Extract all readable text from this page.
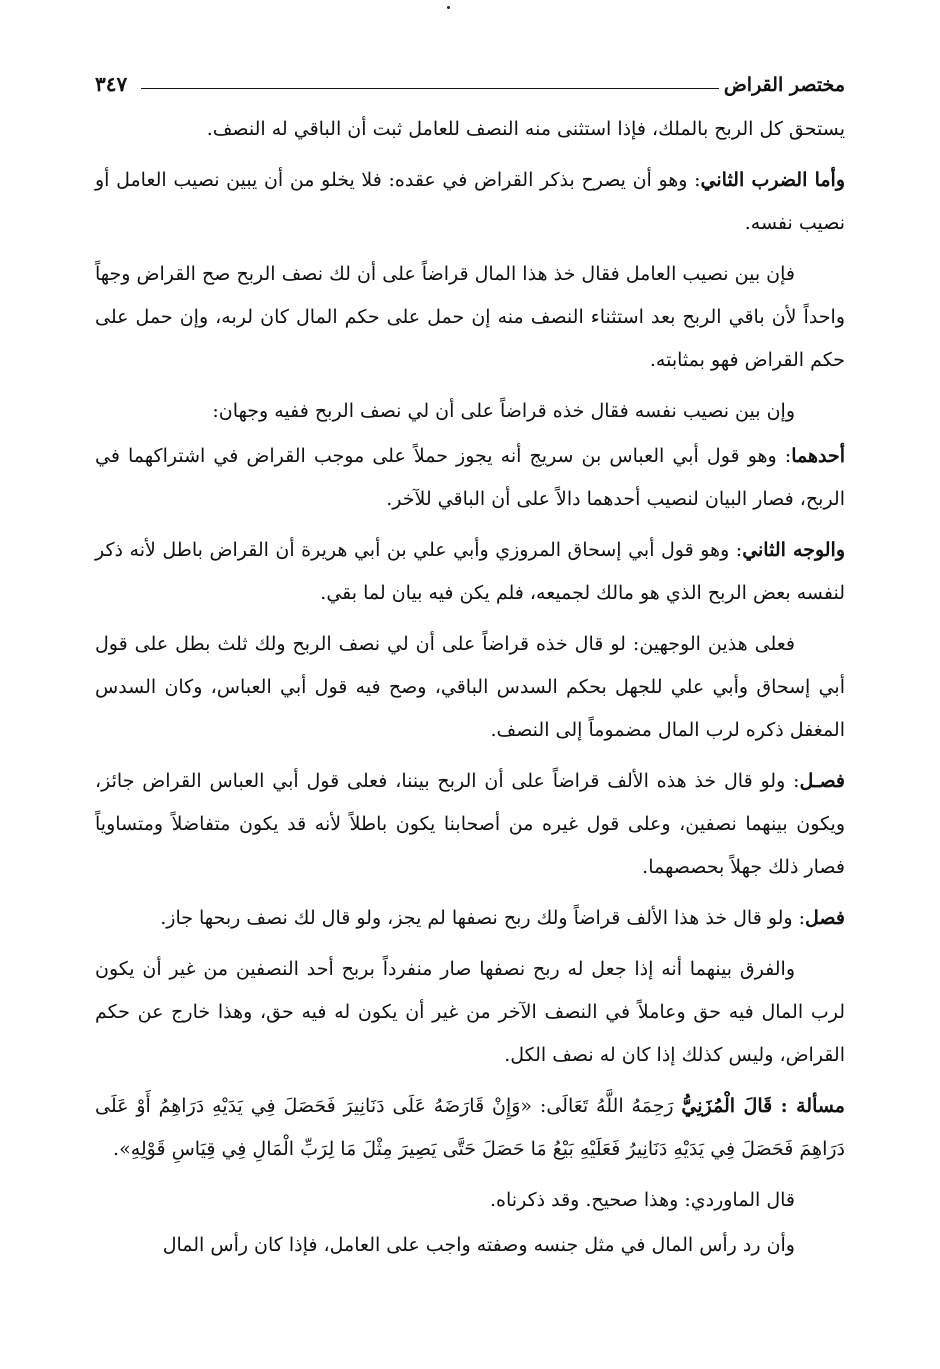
مختصر القراض
٣٤٧

يستحق كل الربح بالملك، فإذا استثنى منه النصف للعامل ثبت أن الباقي له النصف.

وأما الضرب الثاني: وهو أن يصرح بذكر القراض في عقده: فلا يخلو من أن يبين نصيب العامل أو نصيب نفسه.

فإن بين نصيب العامل فقال خذ هذا المال قراضاً على أن لك نصف الربح صح القراض وجهاً واحداً لأن باقي الربح بعد استثناء النصف منه إن حمل على حكم المال كان لربه، وإن حمل على حكم القراض فهو بمثابته.

وإن بين نصيب نفسه فقال خذه قراضاً على أن لي نصف الربح ففيه وجهان:

أحدهما: وهو قول أبي العباس بن سريج أنه يجوز حملاً على موجب القراض في اشتراكهما في الربح، فصار البيان لنصيب أحدهما دالاً على أن الباقي للآخر.

والوجه الثاني: وهو قول أبي إسحاق المروزي وأبي علي بن أبي هريرة أن القراض باطل لأنه ذكر لنفسه بعض الربح الذي هو مالك لجميعه، فلم يكن فيه بيان لما بقي.

فعلى هذين الوجهين: لو قال خذه قراضاً على أن لي نصف الربح ولك ثلث بطل على قول أبي إسحاق وأبي علي للجهل بحكم السدس الباقي، وصح فيه قول أبي العباس، وكان السدس المغفل ذكره لرب المال مضموماً إلى النصف.

فصـل: ولو قال خذ هذه الألف قراضاً على أن الربح بيننا، فعلى قول أبي العباس القراض جائز، ويكون بينهما نصفين، وعلى قول غيره من أصحابنا يكون باطلاً لأنه قد يكون متفاضلاً ومتساوياً فصار ذلك جهلاً بحصصهما.

فصل: ولو قال خذ هذا الألف قراضاً ولك ربح نصفها لم يجز، ولو قال لك نصف ربحها جاز.

والفرق بينهما أنه إذا جعل له ربح نصفها صار منفرداً بربح أحد النصفين من غير أن يكون لرب المال فيه حق وعاملاً في النصف الآخر من غير أن يكون له فيه حق، وهذا خارج عن حكم القراض، وليس كذلك إذا كان له نصف الكل.

مسألة : قَالَ الْمُزَنِيُّ رَحِمَهُ اللَّهُ تَعَالَى: «وَإِنْ قَارَضَهُ عَلَى دَنَانِيرَ فَحَصَلَ فِي يَدَيْهِ دَرَاهِمُ أَوْ عَلَى دَرَاهِمَ فَحَصَلَ فِي يَدَيْهِ دَنَانِيرُ فَعَلَيْهِ بَيْعُ مَا حَصَلَ حَتَّى يَصِيرَ مِثْلَ مَا لِرَبِّ الْمَالِ فِي قِيَاسِ قَوْلِهِ».

قال الماوردي: وهذا صحيح. وقد ذكرناه.

وأن رد رأس المال في مثل جنسه وصفته واجب على العامل، فإذا كان رأس المال
